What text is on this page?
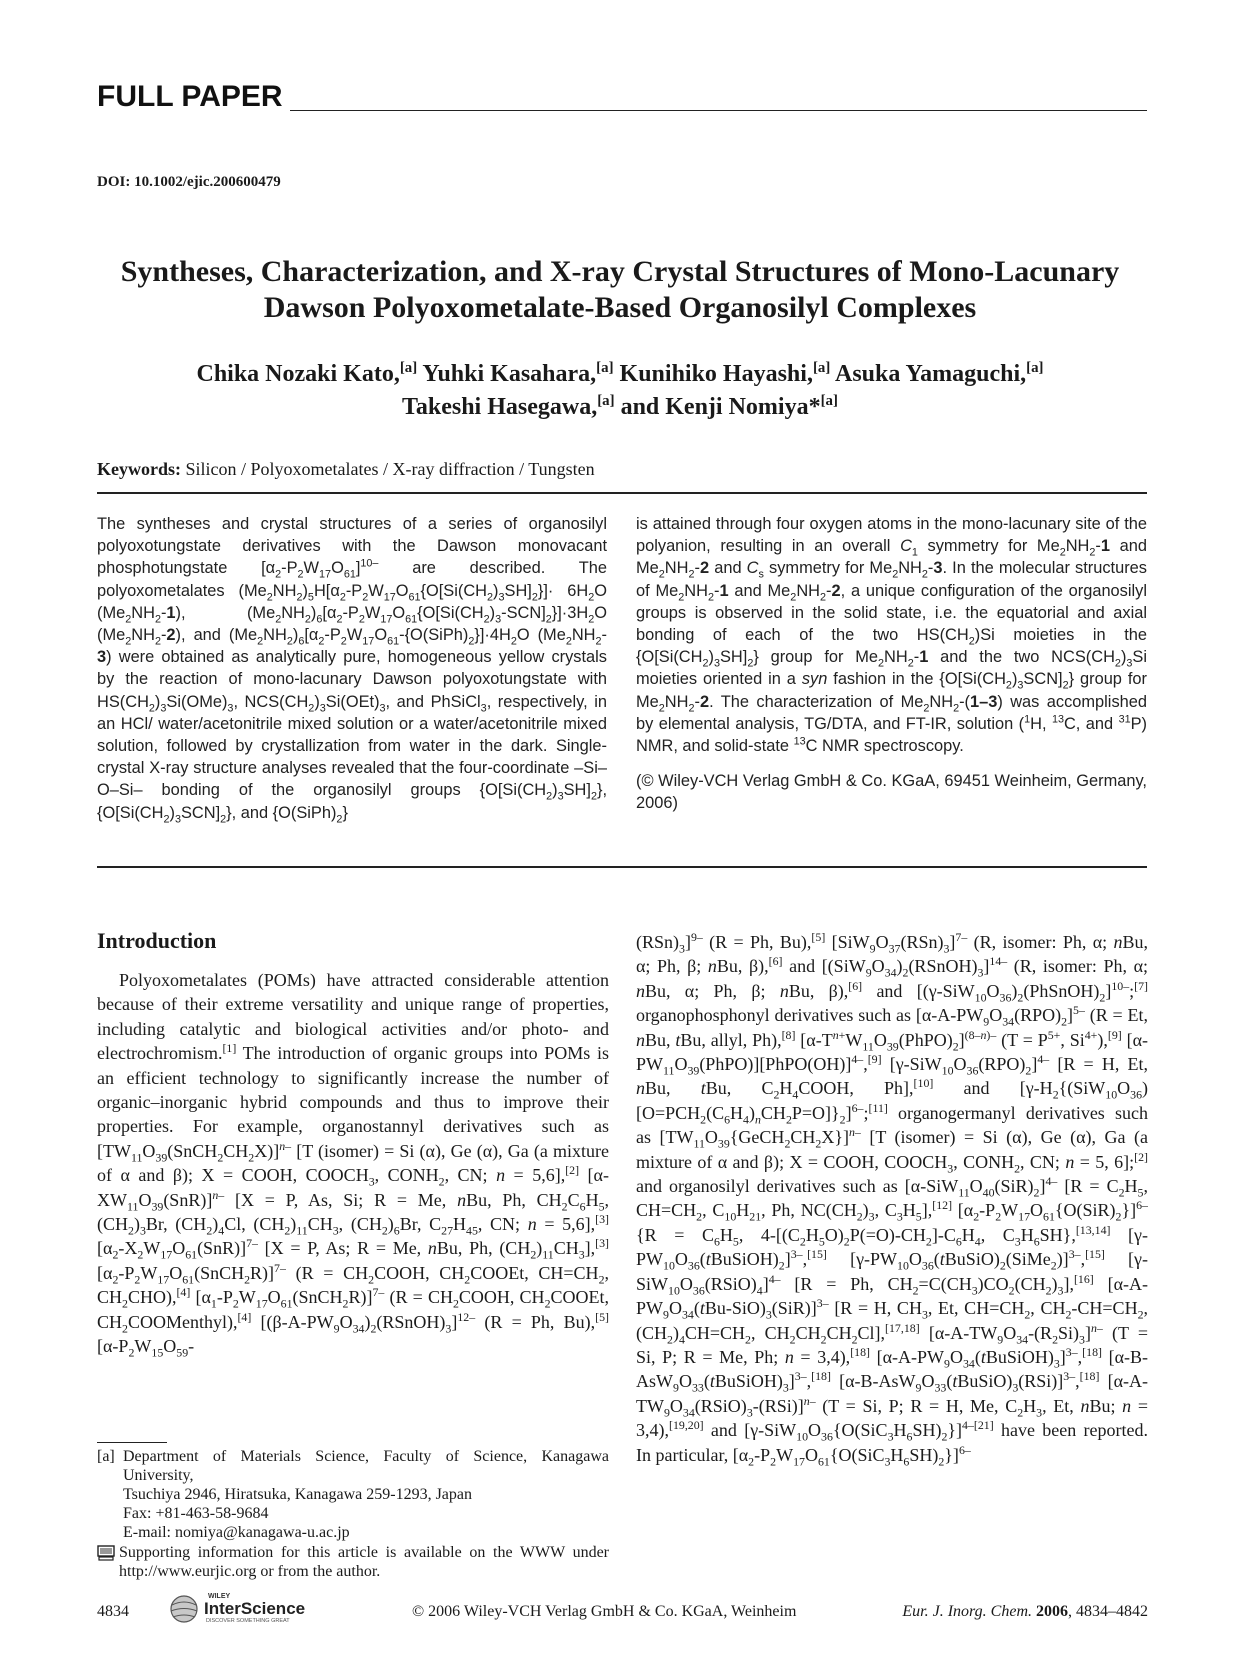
FULL PAPER
DOI: 10.1002/ejic.200600479
Syntheses, Characterization, and X-ray Crystal Structures of Mono-Lacunary
Dawson Polyoxometalate-Based Organosilyl Complexes
Chika Nozaki Kato,[a] Yuhki Kasahara,[a] Kunihiko Hayashi,[a] Asuka Yamaguchi,[a]
Takeshi Hasegawa,[a] and Kenji Nomiya*[a]
Keywords: Silicon / Polyoxometalates / X-ray diffraction / Tungsten

The syntheses and crystal structures of a series of organosilyl polyoxotungstate derivatives with the Dawson monovacant phosphotungstate $[\alpha_2-P_2W_{17}O_{61}]^{10-}$ are described. The polyoxometalates $(Me_2NH_2)_5H[\alpha_2-P_2W_{17}O_{61}\{O[Si(CH_2)_3SH]_2\}]\cdot 6H_2O$ $(Me_2NH_2-1)$, $(Me_2NH_2)_6[\alpha_2-P_2W_{17}O_{61}\{O[Si(CH_2)_3-SCN]_2\}]\cdot 3H_2O$ $(Me_2NH_2-2)$, and $(Me_2NH_2)_6[\alpha_2-P_2W_{17}O_{61}-\{O(SiPh)_2\}]\cdot 4H_2O$ $(Me_2NH_2-3)$ were obtained as analytically pure, homogeneous yellow crystals by the reaction of mono-lacunary Dawson polyoxotungstate with $HS(CH_2)_3Si(OMe)_3$, $NCS(CH_2)_3Si(OEt)_3$, and PhSiCl$_3$, respectively, in an HCl/ water/acetonitrile mixed solution or a water/acetonitrile mixed solution, followed by crystallization from water in the dark. Single-crystal X-ray structure analyses revealed that the four-coordinate –Si–O–Si– bonding of the organosilyl groups $\{O[Si(CH_2)_3SH]_2\}$, $\{O[Si(CH_2)_3SCN]_2\}$, and $\{O(SiPh)_2\}$

is attained through four oxygen atoms in the mono-lacunary site of the polyanion, resulting in an overall $C_1$ symmetry for $Me_2NH_2-1$ and $Me_2NH_2-2$ and $C_s$ symmetry for $Me_2NH_2-3$. In the molecular structures of $Me_2NH_2-1$ and $Me_2NH_2-2$, a unique configuration of the organosilyl groups is observed in the solid state, i.e. the equatorial and axial bonding of each of the two $HS(CH_2)Si$ moieties in the $\{O[Si(CH_2)_3SH]_2\}$ group for $Me_2NH_2-1$ and the two $NCS(CH_2)_3Si$ moieties oriented in a syn fashion in the $\{O[Si(CH_2)_3SCN]_2\}$ group for $Me_2NH_2-2$. The characterization of $Me_2NH_2-(1-3)$ was accomplished by elemental analysis, TG/DTA, and FT-IR, solution ($^1$H, $^{13}$C, and $^{31}$P) NMR, and solid-state $^{13}$C NMR spectroscopy.

(© Wiley-VCH Verlag GmbH & Co. KGaA, 69451 Weinheim, Germany, 2006)

Introduction

Polyoxometalates (POMs) have attracted considerable attention because of their extreme versatility and unique range of properties, including catalytic and biological activities and/or photo- and electrochromism.[1] The introduction of organic groups into POMs is an efficient technology to significantly increase the number of organic–inorganic hybrid compounds and thus to improve their properties. For example, organostannyl derivatives such as $[TW_{11}O_{39}(SnCH_2CH_2X)]^{n-}$ [T (isomer) = Si (α), Ge (α), Ga (a mixture of α and β); X = COOH, $COOCH_3$, $CONH_2$, CN; n = 5,6],[2] $[\alpha-XW_{11}O_{39}(SnR)]^{n-}$ [X = P, As, Si; R = Me, nBu, Ph, $CH_2C_6H_5$, $(CH_2)_3Br$, $(CH_2)_4Cl$, $(CH_2)_{11}CH_3$, $(CH_2)_6Br$, $C_{27}H_{45}$, CN; n = 5,6],[3] $[\alpha_2-X_2W_{17}O_{61}(SnR)]^{7-}$ [X = P, As; R = Me, nBu, Ph, $(CH_2)_{11}CH_3],[3]$ $[\alpha_2-P_2W_{17}O_{61}(SnCH_2R)]^{7-}$ ($R = CH_2COOH$, $CH_2COOEt$, $CH=CH_2$, $CH_2CHO),[4]$ $[\alpha_1-P_2W_{17}O_{61}(SnCH_2R)]^{7-}$ ($R = CH_2COOH$, $CH_2COOEt$, $CH_2COOMenthyl),[4]$ $[(\beta-A-PW_9O_{34})_2(RSnOH)_3]^{12-}$ (R = Ph, Bu),[5] [$\alpha-P_2W_{15}O_{59}-$

$(RSn)_3]^{9-}$ (R = Ph, Bu),[5] $[SiW_9O_{37}(RSn)_3]^{7-}$ (R, isomer: Ph, α; nBu, α; Ph, β; nBu, β),[6] and $[(SiW_9O_{34})_2(RSnOH)_3]^{14-}$ (R, isomer: Ph, α; nBu, α; Ph, β; nBu, β),[6] and $[(\gamma-SiW_{10}O_{36})_2(PhSnOH)_2]^{10-};[7]$ organophosphonyl derivatives such as $[\alpha-A-PW_9O_{34}(RPO)_2]^{5-}$ (R = Et, nBu, tBu, allyl, Ph),[8] $[\alpha-T^{n+}W_{11}O_{39}(PhPO)_2]^{(8-n)-}$ ($T = P^{5+}$, $Si^{4+}),[9]$ $[\alpha-PW_{11}O_{39}(PhPO)][PhPO(OH)]^{4-},[9]$ $[\gamma-SiW_{10}O_{36}(RPO)_2]^{4-}$ [R = H, Et, nBu, tBu, $C_2H_4COOH$, Ph],[10] and $[\gamma-H_2\{(SiW_{10}O_{36})[O=PCH_2(C_6H_4)_nCH_2P=O]\}_2]^{6-};[11]$ organogermanyl derivatives such as $[TW_{11}O_{39}\{GeCH_2CH_2X\}]^{n-}$ [T (isomer) = Si (α), Ge (α), Ga (a mixture of α and β); X = COOH, $COOCH_3$, $CONH_2$, CN; n = 5, 6];[2] and organosilyl derivatives such as $[\alpha-SiW_{11}O_{40}(SiR)_2]^{4-}$ [$R = C_2H_5$, $CH=CH_2$, $C_{10}H_{21}$, Ph, $NC(CH_2)_3$, $C_3H_5],[12]$ $[\alpha_2-P_2W_{17}O_{61}\{O(SiR)_2\}]^{6-}$ {$R = C_6H_5$, $4-[(C_2H_5O)_2P(=O)-CH_2]-C_6H_4$, $C_3H_6SH\},[13,14]$ $[\gamma-PW_{10}O_{36}(tBuSiOH)_2]^{3-},[15]$ $[\gamma-PW_{10}O_{36}(tBuSiO)_2(SiMe_2)]^{3-},[15]$ $[\gamma-SiW_{10}O_{36}(RSiO)_4]^{4-}$ [R = Ph, $CH_2=C(CH_3)CO_2(CH_2)_3],[16]$ $[\alpha-A-PW_9O_{34}(tBu-SiO)_3(SiR)]^{3-}$ [R = H, $CH_3$, Et, $CH=CH_2$, $CH_2-CH=CH_2$, $(CH_2)_4CH=CH_2$, $CH_2CH_2CH_2Cl],[17,18]$ $[\alpha-A-TW_9O_{34}-(R_2Si)_3]^{n-}$ (T = Si, P; R = Me, Ph; n = 3,4),[18] $[\alpha-A-PW_9O_{34}(tBuSiOH)_3]^{3-},[18]$ $[\alpha-B-AsW_9O_{33}(tBuSiOH)_3]^{3-},[18]$ $[\alpha-B-AsW_9O_{33}(tBuSiO)_3(RSi)]^{3-},[18]$ $[\alpha-A-TW_9O_{34}(RSiO)_3-(RSi)]^{n-}$ (T = Si, P; R = H, Me, $C_2H_3$, Et, nBu; n = 3,4),[19,20] and $[\gamma-SiW_{10}O_{36}\{O(SiC_3H_6SH)_2\}]^{4-[21]}$ have been reported. In particular, $[\alpha_2-P_2W_{17}O_{61}\{O(SiC_3H_6SH)_2\}]^{6-}$

[a] Department of Materials Science, Faculty of Science, Kanagawa University,
Tsuchiya 2946, Hiratsuka, Kanagawa 259-1293, Japan
Fax: +81-463-58-9684
E-mail: nomiya@kanagawa-u.ac.jp
Supporting information for this article is available on the WWW under http://www.eurjic.org or from the author.
4834
WILEY
InterScience
DISCOVER SOMETHING GREAT
© 2006 Wiley-VCH Verlag GmbH & Co. KGaA, Weinheim	Eur. J. Inorg. Chem. 2006, 4834–4842
